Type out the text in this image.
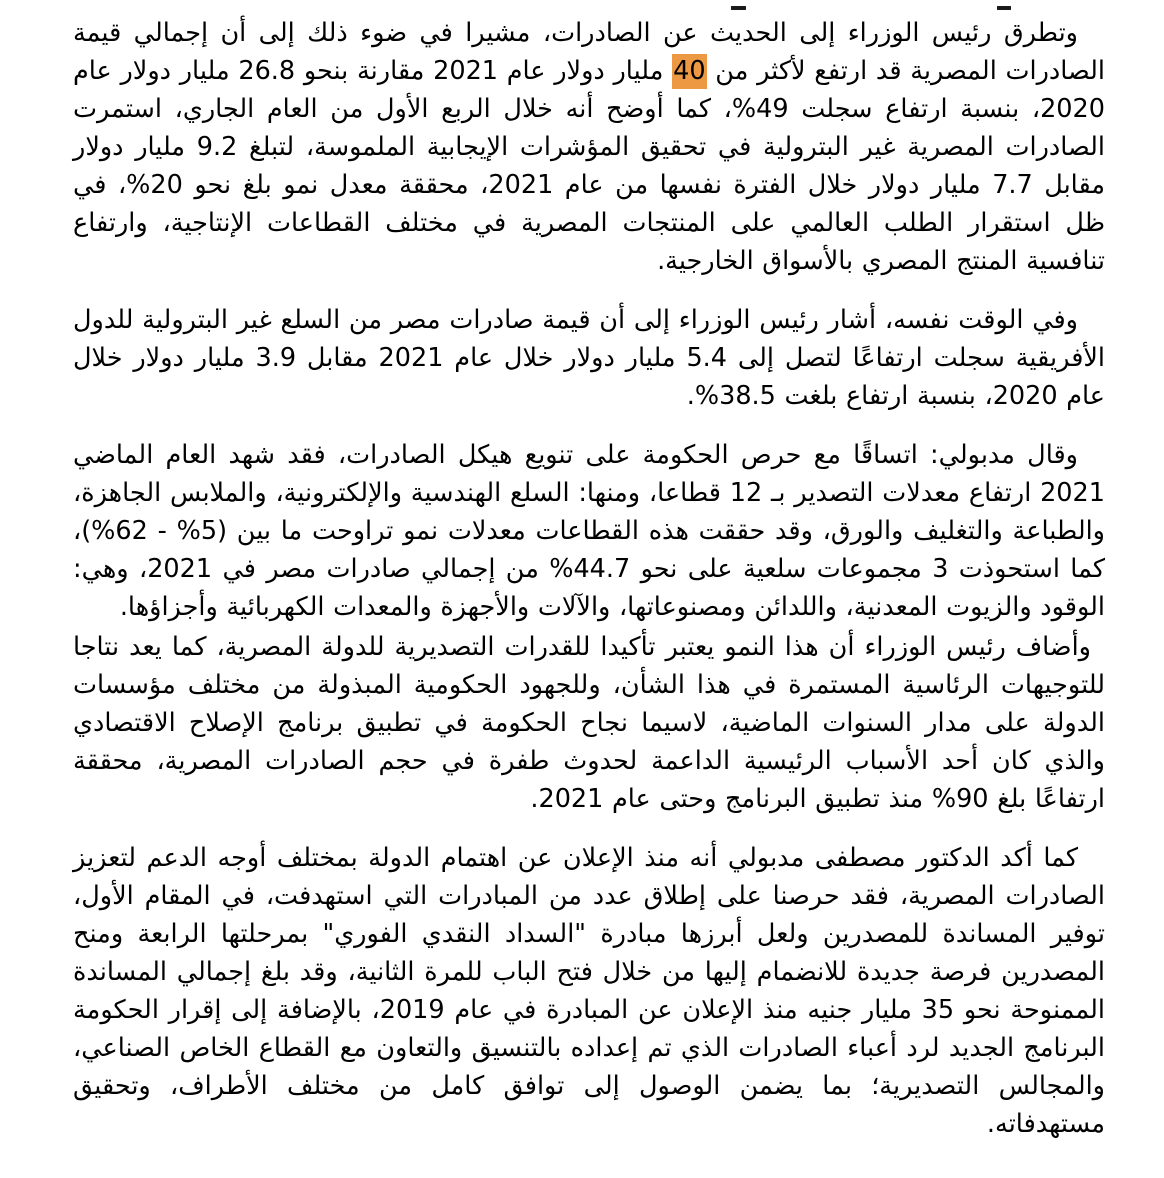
وتطرق رئيس الوزراء إلى الحديث عن الصادرات، مشيرا في ضوء ذلك إلى أن إجمالي قيمة الصادرات المصرية قد ارتفع لأكثر من 40 مليار دولار عام 2021 مقارنة بنحو 26.8 مليار دولار عام 2020، بنسبة ارتفاع سجلت 49%، كما أوضح أنه خلال الربع الأول من العام الجاري، استمرت الصادرات المصرية غير البترولية في تحقيق المؤشرات الإيجابية الملموسة، لتبلغ 9.2 مليار دولار مقابل 7.7 مليار دولار خلال الفترة نفسها من عام 2021، محققة معدل نمو بلغ نحو 20%، في ظل استقرار الطلب العالمي على المنتجات المصرية في مختلف القطاعات الإنتاجية، وارتفاع تنافسية المنتج المصري بالأسواق الخارجية.

وفي الوقت نفسه، أشار رئيس الوزراء إلى أن قيمة صادرات مصر من السلع غير البترولية للدول الأفريقية سجلت ارتفاعًا لتصل إلى 5.4 مليار دولار خلال عام 2021 مقابل 3.9 مليار دولار خلال عام 2020، بنسبة ارتفاع بلغت 38.5%.

وقال مدبولي: اتساقًا مع حرص الحكومة على تنويع هيكل الصادرات، فقد شهد العام الماضي 2021 ارتفاع معدلات التصدير بـ 12 قطاعا، ومنها: السلع الهندسية والإلكترونية، والملابس الجاهزة، والطباعة والتغليف والورق، وقد حققت هذه القطاعات معدلات نمو تراوحت ما بين (5% - 62%)، كما استحوذت 3 مجموعات سلعية على نحو 44.7% من إجمالي صادرات مصر في 2021، وهي: الوقود والزيوت المعدنية، واللدائن ومصنوعاتها، والآلات والأجهزة والمعدات الكهربائية وأجزاؤها.

وأضاف رئيس الوزراء أن هذا النمو يعتبر تأكيدا للقدرات التصديرية للدولة المصرية، كما يعد نتاجا للتوجيهات الرئاسية المستمرة في هذا الشأن، وللجهود الحكومية المبذولة من مختلف مؤسسات الدولة على مدار السنوات الماضية، لاسيما نجاح الحكومة في تطبيق برنامج الإصلاح الاقتصادي والذي كان أحد الأسباب الرئيسية الداعمة لحدوث طفرة في حجم الصادرات المصرية، محققة ارتفاعًا بلغ 90% منذ تطبيق البرنامج وحتى عام 2021.

كما أكد الدكتور مصطفى مدبولي أنه منذ الإعلان عن اهتمام الدولة بمختلف أوجه الدعم لتعزيز الصادرات المصرية، فقد حرصنا على إطلاق عدد من المبادرات التي استهدفت، في المقام الأول، توفير المساندة للمصدرين ولعل أبرزها مبادرة "السداد النقدي الفوري" بمرحلتها الرابعة ومنح المصدرين فرصة جديدة للانضمام إليها من خلال فتح الباب للمرة الثانية، وقد بلغ إجمالي المساندة الممنوحة نحو 35 مليار جنيه منذ الإعلان عن المبادرة في عام 2019، بالإضافة إلى إقرار الحكومة البرنامج الجديد لرد أعباء الصادرات الذي تم إعداده بالتنسيق والتعاون مع القطاع الخاص الصناعي، والمجالس التصديرية؛ بما يضمن الوصول إلى توافق كامل من مختلف الأطراف، وتحقيق مستهدفاته.
